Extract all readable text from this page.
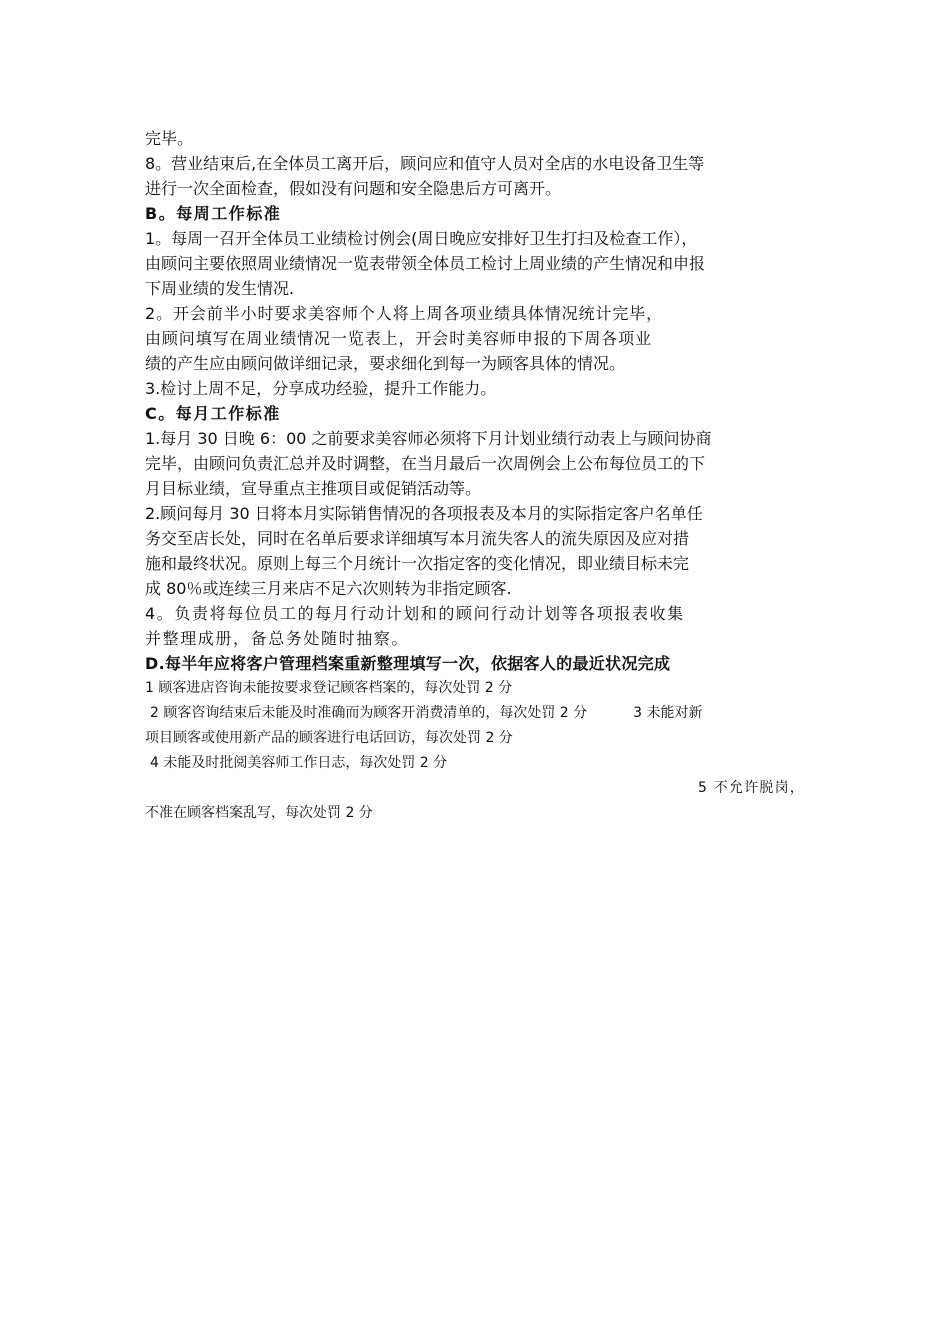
完毕。
8。营业结束后,在全体员工离开后，顾问应和值守人员对全店的水电设备卫生等
进行一次全面检查，假如没有问题和安全隐患后方可离开。
B。每周工作标准
1。每周一召开全体员工业绩检讨例会(周日晚应安排好卫生打扫及检查工作），
由顾问主要依照周业绩情况一览表带领全体员工检讨上周业绩的产生情况和申报
下周业绩的发生情况.
2。开会前半小时要求美容师个人将上周各项业绩具体情况统计完毕，
由顾问填写在周业绩情况一览表上，开会时美容师申报的下周各项业
绩的产生应由顾问做详细记录，要求细化到每一为顾客具体的情况。
3.检讨上周不足，分享成功经验，提升工作能力。
C。每月工作标准
1.每月 30 日晚 6：00 之前要求美容师必须将下月计划业绩行动表上与顾问协商
完毕，由顾问负责汇总并及时调整，在当月最后一次周例会上公布每位员工的下
月目标业绩，宣导重点主推项目或促销活动等。
2.顾问每月 30 日将本月实际销售情况的各项报表及本月的实际指定客户名单任
务交至店长处，同时在名单后要求详细填写本月流失客人的流失原因及应对措
施和最终状况。原则上每三个月统计一次指定客的变化情况，即业绩目标未完
成 80％或连续三月来店不足六次则转为非指定顾客.
4。负责将每位员工的每月行动计划和的顾问行动计划等各项报表收集
并整理成册，备总务处随时抽察。
D.每半年应将客户管理档案重新整理填写一次，依据客人的最近状况完成
1 顾客进店咨询未能按要求登记顾客档案的，每次处罚 2 分
2 顾客咨询结束后未能及时准确而为顾客开消费清单的，每次处罚 2 分	3 未能对新
项目顾客或使用新产品的顾客进行电话回访，每次处罚 2 分
4 未能及时批阅美容师工作日志，每次处罚 2 分
5 不允许脱岗，
不准在顾客档案乱写，每次处罚 2 分
